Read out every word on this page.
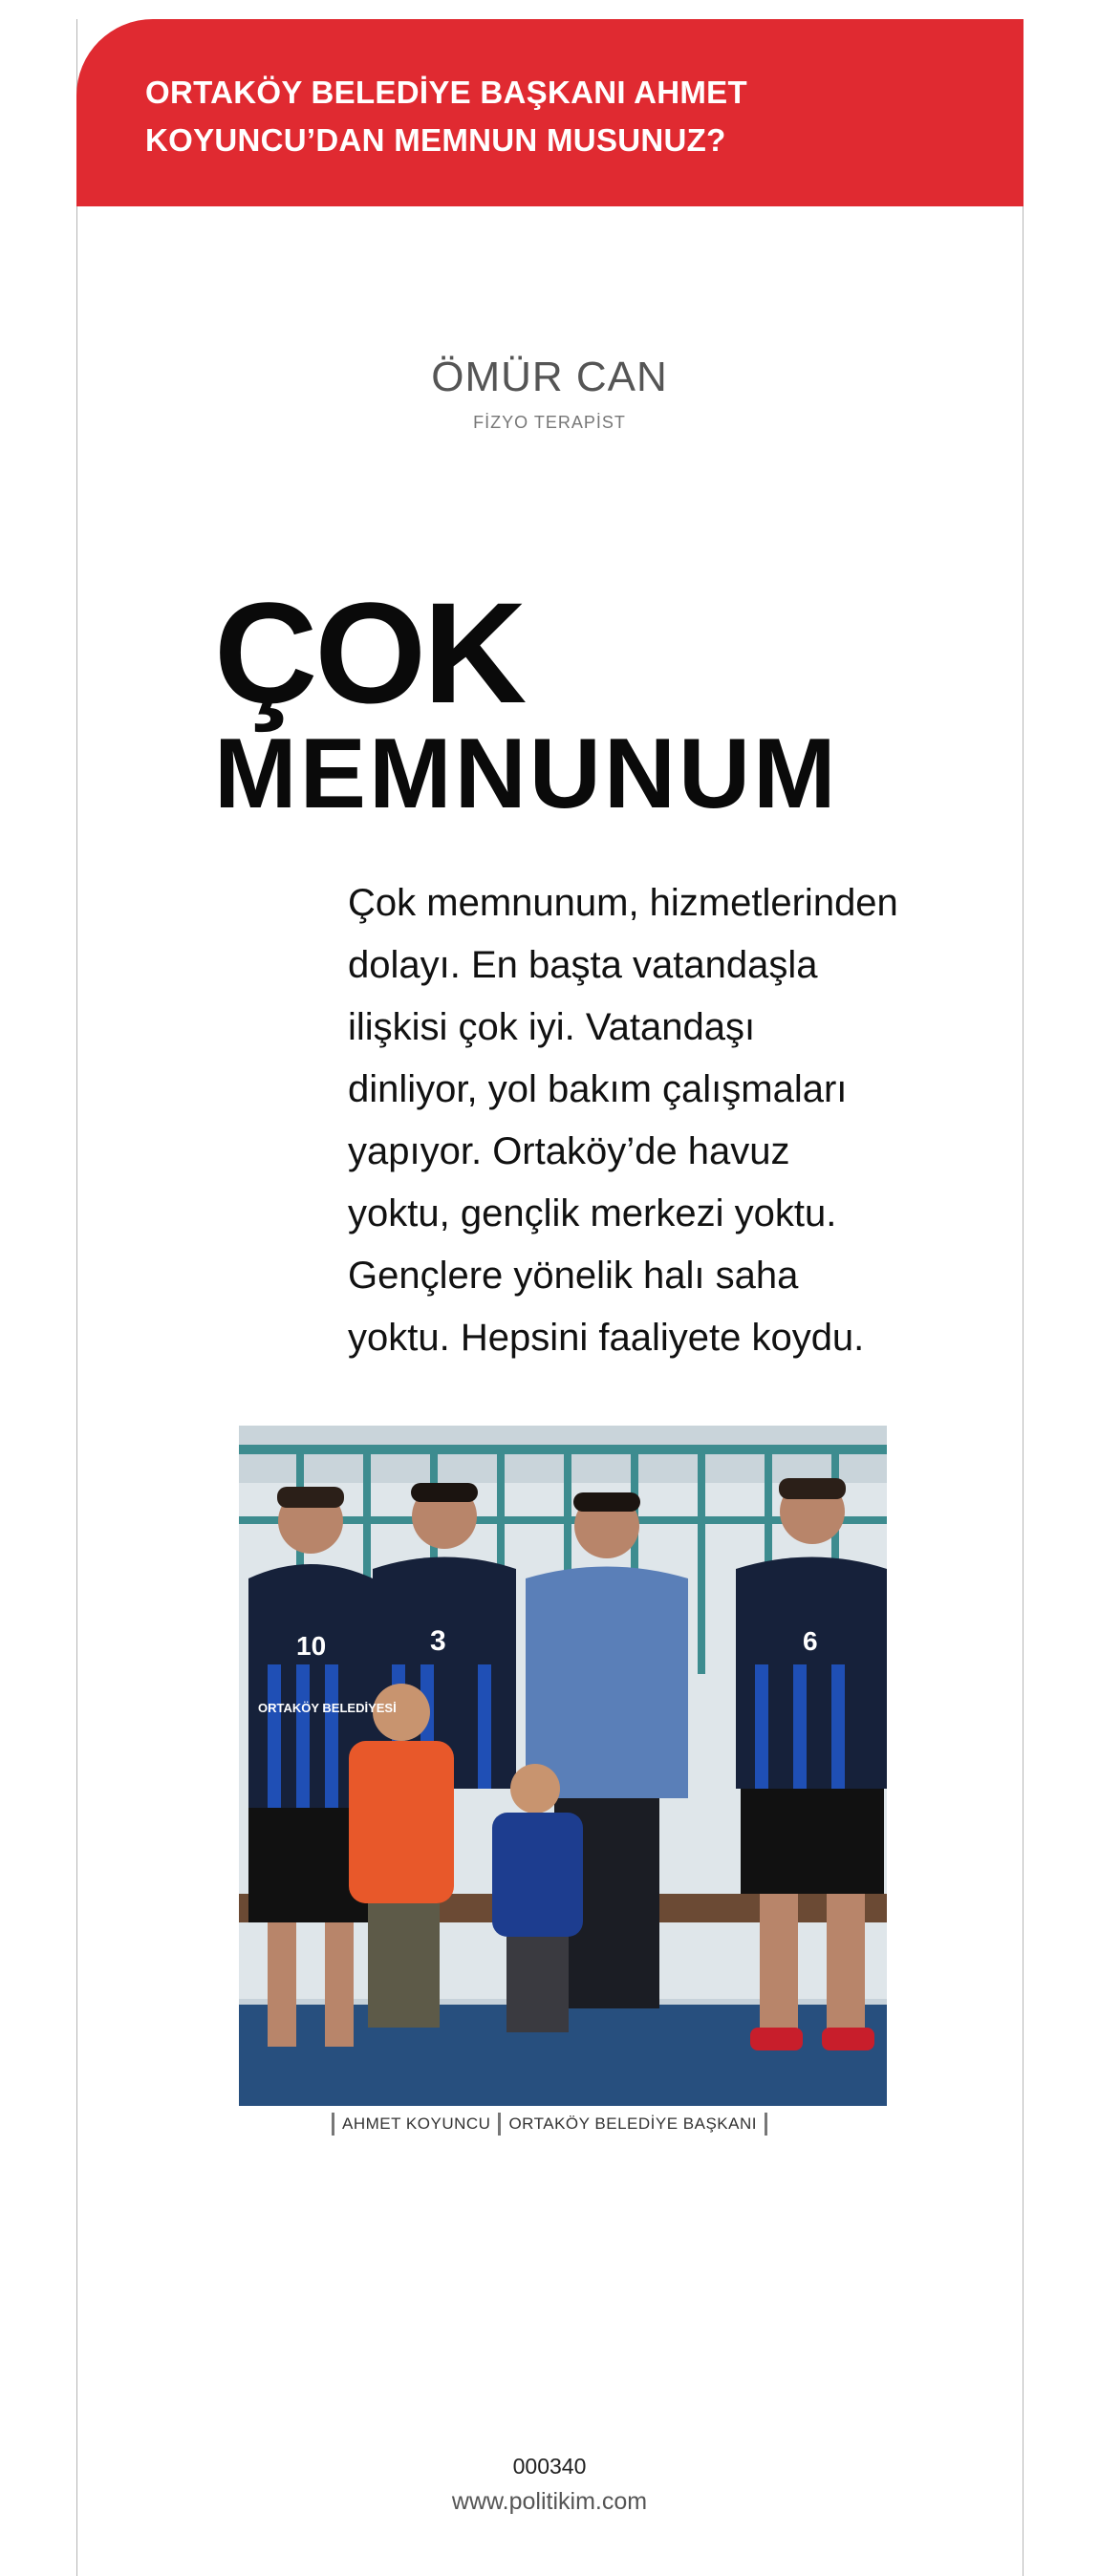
ORTAKÖY BELEDİYE BAŞKANI AHMET
KOYUNCU’DAN MEMNUN MUSUNUZ?
ÖMÜR CAN
FİZYO TERAPİST
ÇOK
MEMNUNUM
Çok memnunum, hizmetlerinden
dolayı. En başta vatandaşla
ilişkisi çok iyi. Vatandaşı
dinliyor, yol bakım çalışmaları
yapıyor. Ortaköy’de havuz
yoktu, gençlik merkezi yoktu.
Gençlere yönelik halı saha
yoktu. Hepsini faaliyete koydu.
10	3	6
ORTAKÖY BELEDİYESİ
AHMET KOYUNCU ORTAKÖY BELEDİYE BAŞKANI
000340
www.politikim.com
